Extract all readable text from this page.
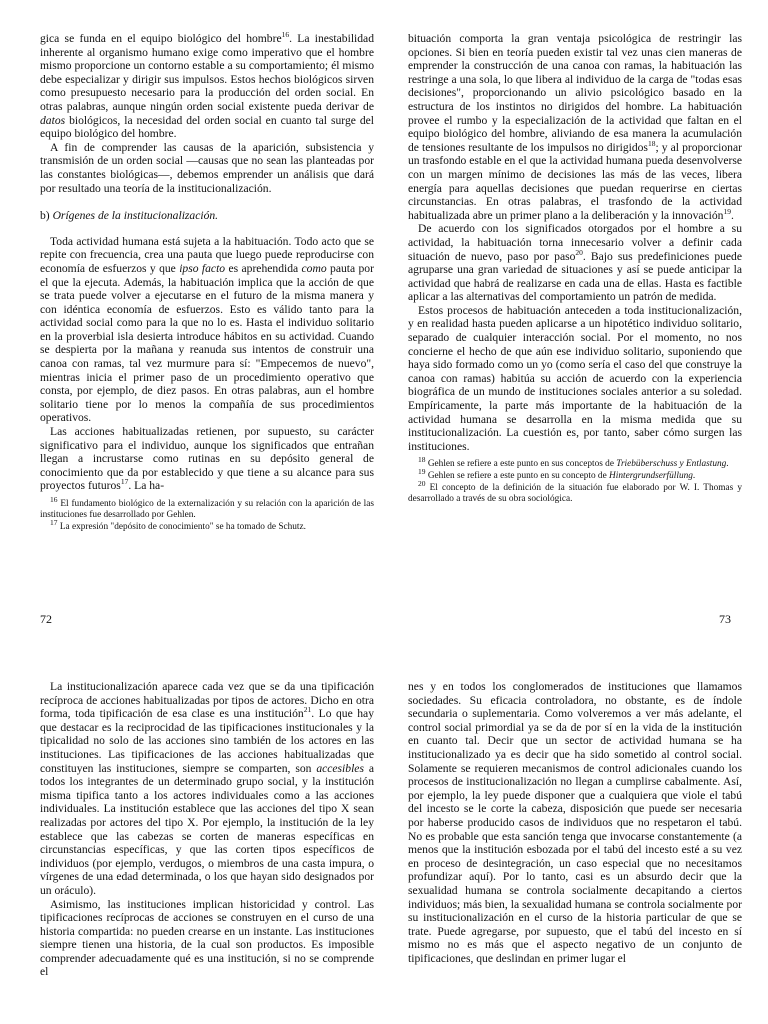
gica se funda en el equipo biológico del hombre$^{16}$. La inestabilidad inherente al organismo humano exige como imperativo que el hombre mismo proporcione un contorno estable a su comportamiento; él mismo debe especializar y dirigir sus impulsos. Estos hechos biológicos sirven como presupuesto necesario para la producción del orden social. En otras palabras, aunque ningún orden social existente pueda derivar de datos biológicos, la necesidad del orden social en cuanto tal surge del equipo biológico del hombre.

A fin de comprender las causas de la aparición, subsistencia y transmisión de un orden social —causas que no sean las planteadas por las constantes biológicas—, debemos emprender un análisis que dará por resultado una teoría de la institucionalización.

b) Orígenes de la institucionalización.

Toda actividad humana está sujeta a la habituación. Todo acto que se repite con frecuencia, crea una pauta que luego puede reproducirse con economía de esfuerzos y que ipso facto es aprehendida como pauta por el que la ejecuta. Además, la habituación implica que la acción de que se trata puede volver a ejecutarse en el futuro de la misma manera y con idéntica economía de esfuerzos. Esto es válido tanto para la actividad social como para la que no lo es. Hasta el individuo solitario en la proverbial isla desierta introduce hábitos en su actividad. Cuando se despierta por la mañana y reanuda sus intentos de construir una canoa con ramas, tal vez murmure para sí: "Empecemos de nuevo", mientras inicia el primer paso de un procedimiento operativo que consta, por ejemplo, de diez pasos. En otras palabras, aun el hombre solitario tiene por lo menos la compañía de sus procedimientos operativos.

Las acciones habitualizadas retienen, por supuesto, su carácter significativo para el individuo, aunque los significados que entrañan llegan a incrustarse como rutinas en su depósito general de conocimiento que da por establecido y que tiene a su alcance para sus proyectos futuros$^{17}$. La ha-

$^{16}$ El fundamento biológico de la externalización y su relación con la aparición de las instituciones fue desarrollado por Gehlen.

$^{17}$ La expresión "depósito de conocimiento" se ha tomado de Schutz.

72

bituación comporta la gran ventaja psicológica de restringir las opciones. Si bien en teoría pueden existir tal vez unas cien maneras de emprender la construcción de una canoa con ramas, la habituación las restringe a una sola, lo que libera al individuo de la carga de "todas esas decisiones", proporcionando un alivio psicológico basado en la estructura de los instintos no dirigidos del hombre. La habituación provee el rumbo y la especialización de la actividad que faltan en el equipo biológico del hombre, aliviando de esa manera la acumulación de tensiones resultante de los impulsos no dirigidos$^{18}$; y al proporcionar un trasfondo estable en el que la actividad humana pueda desenvolverse con un margen mínimo de decisiones las más de las veces, libera energía para aquellas decisiones que puedan requerirse en ciertas circunstancias. En otras palabras, el trasfondo de la actividad habitualizada abre un primer plano a la deliberación y la innovación$^{19}$.

De acuerdo con los significados otorgados por el hombre a su actividad, la habituación torna innecesario volver a definir cada situación de nuevo, paso por paso$^{20}$. Bajo sus predefiniciones puede agruparse una gran variedad de situaciones y así se puede anticipar la actividad que habrá de realizarse en cada una de ellas. Hasta es factible aplicar a las alternativas del comportamiento un patrón de medida.

Estos procesos de habituación anteceden a toda institucionalización, y en realidad hasta pueden aplicarse a un hipotético individuo solitario, separado de cualquier interacción social. Por el momento, no nos concierne el hecho de que aún ese individuo solitario, suponiendo que haya sido formado como un yo (como sería el caso del que construye la canoa con ramas) habitúa su acción de acuerdo con la experiencia biográfica de un mundo de instituciones sociales anterior a su soledad. Empíricamente, la parte más importante de la habituación de la actividad humana se desarrolla en la misma medida que su institucionalización. La cuestión es, por tanto, saber cómo surgen las instituciones.

$^{18}$ Gehlen se refiere a este punto en sus conceptos de Triebüberschuss y Entlastung.

$^{19}$ Gehlen se refiere a este punto en su concepto de Hintergrundserfüllung.

$^{20}$ El concepto de la definición de la situación fue elaborado por W. I. Thomas y desarrollado a través de su obra sociológica.

73

La institucionalización aparece cada vez que se da una tipificación recíproca de acciones habitualizadas por tipos de actores. Dicho en otra forma, toda tipificación de esa clase es una institución$^{21}$. Lo que hay que destacar es la reciprocidad de las tipificaciones institucionales y la tipicalidad no solo de las acciones sino también de los actores en las instituciones. Las tipificaciones de las acciones habitualizadas que constituyen las instituciones, siempre se comparten, son accesibles a todos los integrantes de un determinado grupo social, y la institución misma tipifica tanto a los actores individuales como a las acciones individuales. La institución establece que las acciones del tipo X sean realizadas por actores del tipo X. Por ejemplo, la institución de la ley establece que las cabezas se corten de maneras específicas en circunstancias específicas, y que las corten tipos específicos de individuos (por ejemplo, verdugos, o miembros de una casta impura, o vírgenes de una edad determinada, o los que hayan sido designados por un oráculo).

Asimismo, las instituciones implican historicidad y control. Las tipificaciones recíprocas de acciones se construyen en el curso de una historia compartida: no pueden crearse en un instante. Las instituciones siempre tienen una historia, de la cual son productos. Es imposible comprender adecuadamente qué es una institución, si no se comprende el

nes y en todos los conglomerados de instituciones que llamamos sociedades. Su eficacia controladora, no obstante, es de índole secundaria o suplementaria. Como volveremos a ver más adelante, el control social primordial ya se da de por sí en la vida de la institución en cuanto tal. Decir que un sector de actividad humana se ha institucionalizado ya es decir que ha sido sometido al control social. Solamente se requieren mecanismos de control adicionales cuando los procesos de institucionalización no llegan a cumplirse cabalmente. Así, por ejemplo, la ley puede disponer que a cualquiera que viole el tabú del incesto se le corte la cabeza, disposición que puede ser necesaria por haberse producido casos de individuos que no respetaron el tabú. No es probable que esta sanción tenga que invocarse constantemente (a menos que la institución esbozada por el tabú del incesto esté a su vez en proceso de desintegración, un caso especial que no necesitamos profundizar aquí). Por lo tanto, casi es un absurdo decir que la sexualidad humana se controla socialmente decapitando a ciertos individuos; más bien, la sexualidad humana se controla socialmente por su institucionalización en el curso de la historia particular de que se trate. Puede agregarse, por supuesto, que el tabú del incesto en sí mismo no es más que el aspecto negativo de un conjunto de tipificaciones, que deslindan en primer lugar el
